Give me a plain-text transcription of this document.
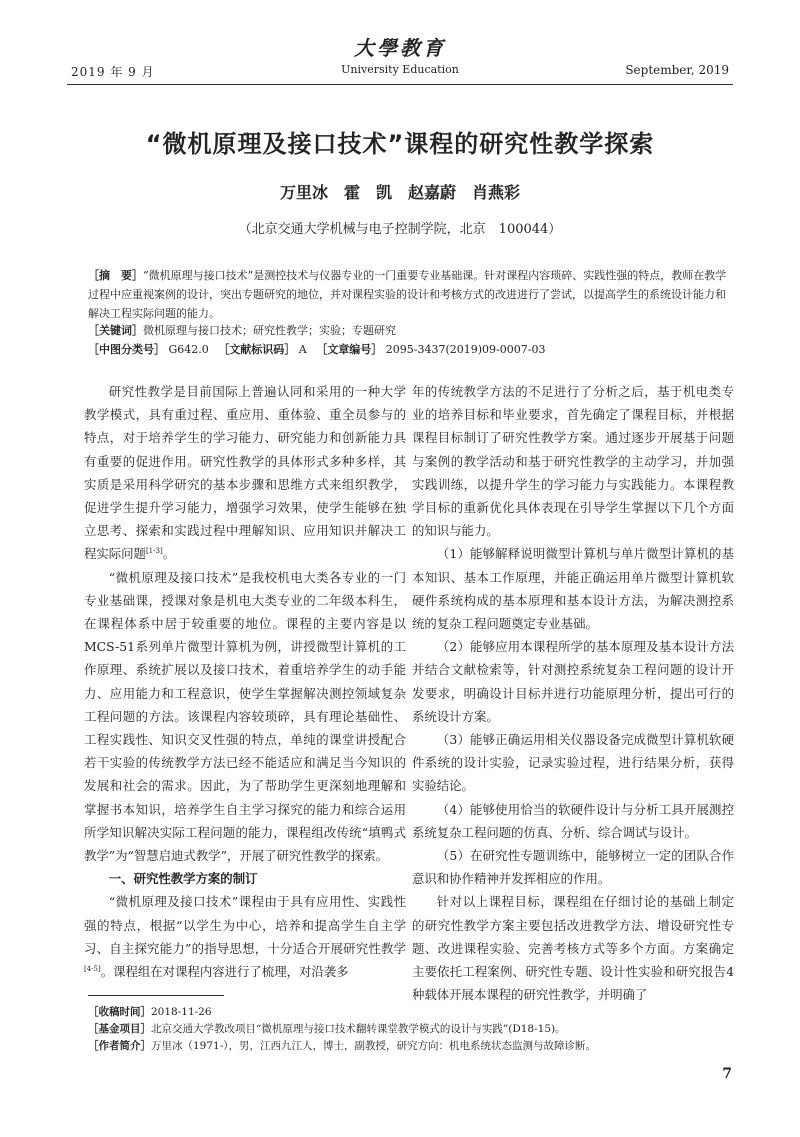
2019 年 9 月
大學教育
University Education	September, 2019
“微机原理及接口技术”课程的研究性教学探索
万里冰　霍　凯　赵嘉蔚　肖燕彩
（北京交通大学机械与电子控制学院，北京　100044）
［摘　要］“微机原理与接口技术”是测控技术与仪器专业的一门重要专业基础课。针对课程内容琐碎、实践性强的特点，教师在教学过程中应重视案例的设计，突出专题研究的地位，并对课程实验的设计和考核方式的改进进行了尝试，以提高学生的系统设计能力和解决工程实际问题的能力。
［关键词］微机原理与接口技术；研究性教学；实验；专题研究
［中图分类号］ G642.0 ［文献标识码］ A ［文章编号］ 2095-3437(2019)09-0007-03

研究性教学是目前国际上普遍认同和采用的一种大学教学模式，具有重过程、重应用、重体验、重全员参与的特点，对于培养学生的学习能力、研究能力和创新能力具有重要的促进作用。研究性教学的具体形式多种多样，其实质是采用科学研究的基本步骤和思维方式来组织教学，促进学生提升学习能力，增强学习效果，使学生能够在独立思考、探索和实践过程中理解知识、应用知识并解决工程实际问题[1-3]。

“微机原理及接口技术”是我校机电大类各专业的一门专业基础课，授课对象是机电大类专业的二年级本科生，在课程体系中居于较重要的地位。课程的主要内容是以MCS-51系列单片微型计算机为例，讲授微型计算机的工作原理、系统扩展以及接口技术，着重培养学生的动手能力、应用能力和工程意识，使学生掌握解决测控领域复杂工程问题的方法。该课程内容较琐碎，具有理论基础性、工程实践性、知识交叉性强的特点，单纯的课堂讲授配合若干实验的传统教学方法已经不能适应和满足当今知识的发展和社会的需求。因此，为了帮助学生更深刻地理解和掌握书本知识，培养学生自主学习探究的能力和综合运用所学知识解决实际工程问题的能力，课程组改传统“填鸭式教学”为“智慧启迪式教学”，开展了研究性教学的探索。

一、研究性教学方案的制订

“微机原理及接口技术”课程由于具有应用性、实践性强的特点，根据“以学生为中心，培养和提高学生自主学习、自主探究能力”的指导思想，十分适合开展研究性教学[4-5]。课程组在对课程内容进行了梳理，对沿袭多

年的传统教学方法的不足进行了分析之后，基于机电类专业的培养目标和毕业要求，首先确定了课程目标，并根据课程目标制订了研究性教学方案。通过逐步开展基于问题与案例的教学活动和基于研究性教学的主动学习，并加强实践训练，以提升学生的学习能力与实践能力。本课程教学目标的重新优化具体表现在引导学生掌握以下几个方面的知识与能力。

（1）能够解释说明微型计算机与单片微型计算机的基本知识、基本工作原理，并能正确运用单片微型计算机软硬件系统构成的基本原理和基本设计方法，为解决测控系统的复杂工程问题奠定专业基础。

（2）能够应用本课程所学的基本原理及基本设计方法并结合文献检索等，针对测控系统复杂工程问题的设计开发要求，明确设计目标并进行功能原理分析，提出可行的系统设计方案。

（3）能够正确运用相关仪器设备完成微型计算机软硬件系统的设计实验，记录实验过程，进行结果分析，获得实验结论。

（4）能够使用恰当的软硬件设计与分析工具开展测控系统复杂工程问题的仿真、分析、综合调试与设计。

（5）在研究性专题训练中，能够树立一定的团队合作意识和协作精神并发挥相应的作用。

针对以上课程目标，课程组在仔细讨论的基础上制定的研究性教学方案主要包括改进教学方法、增设研究性专题、改进课程实验、完善考核方式等多个方面。方案确定主要依托工程案例、研究性专题、设计性实验和研究报告4种载体开展本课程的研究性教学，并明确了

［收稿时间］2018-11-26
［基金项目］北京交通大学教改项目“微机原理与接口技术翻转课堂教学模式的设计与实践”(D18-15)。
［作者简介］万里冰（1971-），男，江西九江人，博士，副教授，研究方向：机电系统状态监测与故障诊断。
7
